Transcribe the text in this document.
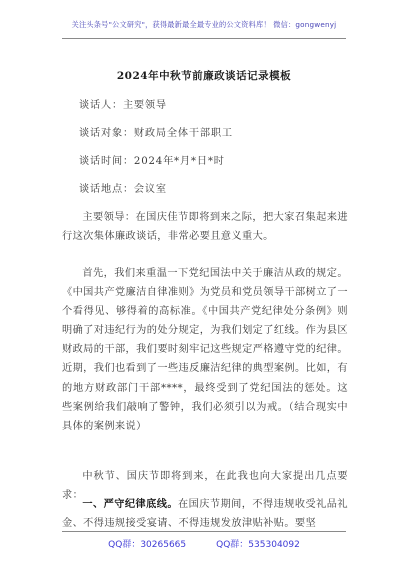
关注头条号"公文研究"，获得最新最全最专业的公文资料库！ 微信：gongwenyj
2024年中秋节前廉政谈话记录模板
谈话人：主要领导
谈话对象：财政局全体干部职工
谈话时间：2024年*月*日*时
谈话地点：会议室
主要领导：在国庆佳节即将到来之际，把大家召集起来进行这次集体廉政谈话，非常必要且意义重大。
首先，我们来重温一下党纪国法中关于廉洁从政的规定。《中国共产党廉洁自律准则》为党员和党员领导干部树立了一个看得见、够得着的高标准。《中国共产党纪律处分条例》则明确了对违纪行为的处分规定，为我们划定了红线。作为县区财政局的干部，我们要时刻牢记这些规定严格遵守党的纪律。近期，我们也看到了一些违反廉洁纪律的典型案例。比如，有的地方财政部门干部****，最终受到了党纪国法的惩处。这些案例给我们敲响了警钟，我们必须引以为戒。（结合现实中具体的案例来说）
中秋节、国庆节即将到来，在此我也向大家提出几点要求：
一、严守纪律底线。在国庆节期间，不得违规收受礼品礼金、不得违规接受宴请、不得违规发放津贴补贴。要坚
QQ群：30265665	QQ群：535304092
